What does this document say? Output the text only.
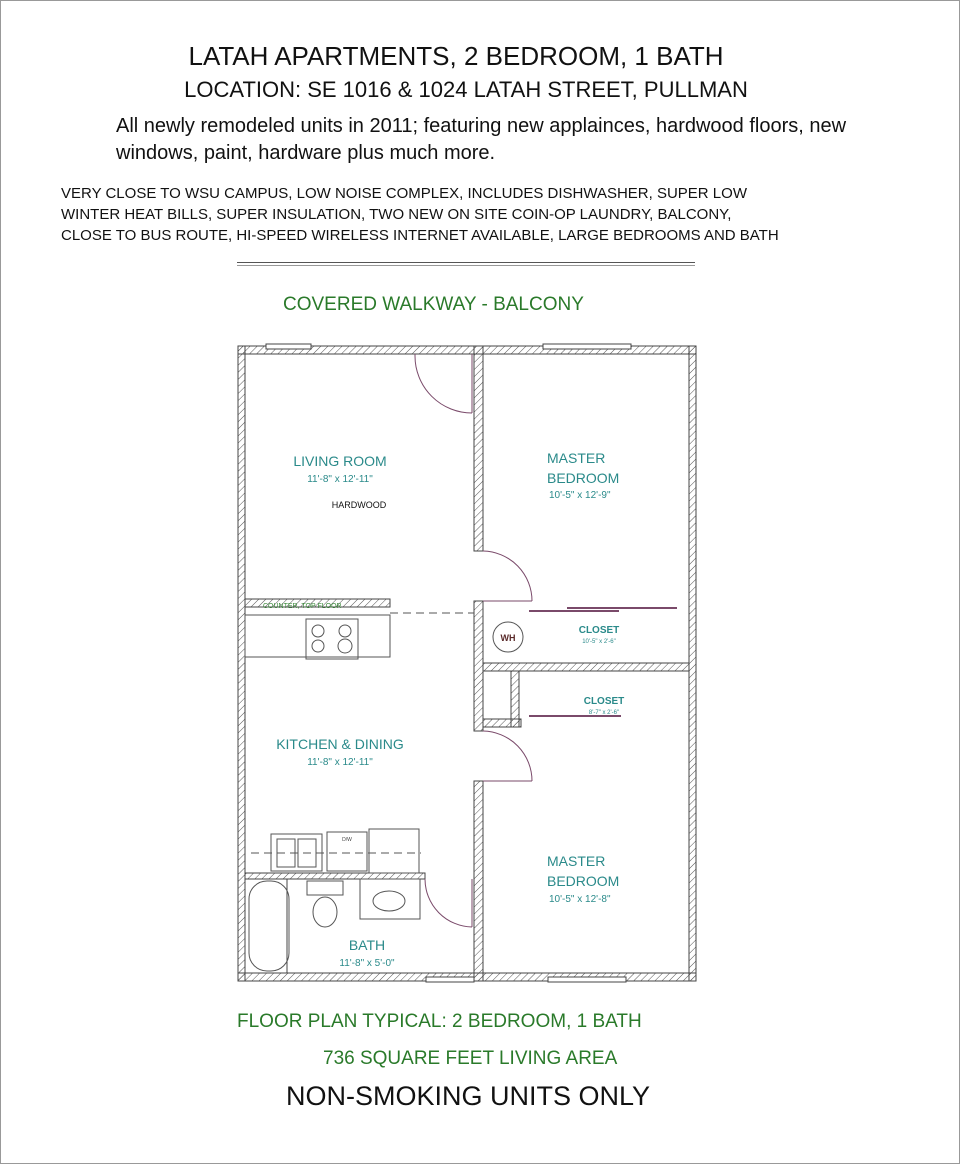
LATAH APARTMENTS, 2 BEDROOM, 1 BATH
LOCATION: SE 1016 & 1024 LATAH STREET, PULLMAN
All newly remodeled units in 2011; featuring new applainces, hardwood floors, new windows, paint, hardware plus much more.
VERY CLOSE TO WSU CAMPUS, LOW NOISE COMPLEX, INCLUDES DISHWASHER, SUPER LOW
WINTER HEAT BILLS, SUPER INSULATION, TWO NEW ON SITE COIN-OP LAUNDRY, BALCONY,
CLOSE TO BUS ROUTE, HI-SPEED WIRELESS INTERNET AVAILABLE, LARGE BEDROOMS AND BATH
COVERED WALKWAY - BALCONY
LIVING ROOM
11'-8" x 12'-11"
MASTER
BEDROOM
10'-5" x 12'-9"
CLOSET
10'-5" x 2'-6"
CLOSET
8'-7" x 2'-6"
KITCHEN & DINING
11'-8" x 12'-11"
MASTER
BEDROOM
10'-5" x 12'-8"
BATH
11'-8" x 5'-0"
HARDWOOD
COUNTER, TOP FLOOR
WH
D/W
FLOOR PLAN TYPICAL: 2 BEDROOM, 1 BATH
736 SQUARE FEET LIVING AREA
NON-SMOKING UNITS ONLY
